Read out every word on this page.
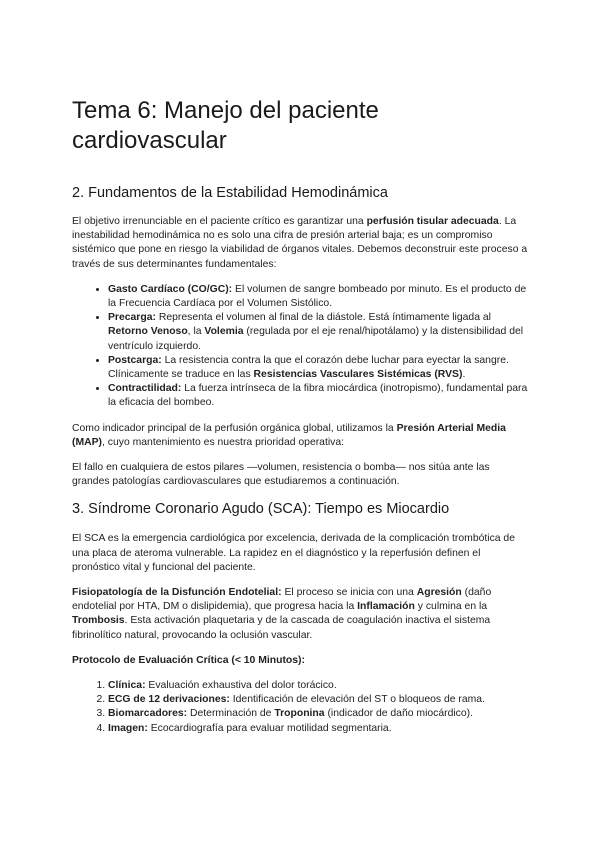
Tema 6: Manejo del paciente cardiovascular
2. Fundamentos de la Estabilidad Hemodinámica

El objetivo irrenunciable en el paciente crítico es garantizar una perfusión tisular adecuada. La inestabilidad hemodinámica no es solo una cifra de presión arterial baja; es un compromiso sistémico que pone en riesgo la viabilidad de órganos vitales. Debemos deconstruir este proceso a través de sus determinantes fundamentales:

• Gasto Cardíaco (CO/GC): El volumen de sangre bombeado por minuto. Es el producto de la Frecuencia Cardíaca por el Volumen Sistólico.
• Precarga: Representa el volumen al final de la diástole. Está íntimamente ligada al Retorno Venoso, la Volemia (regulada por el eje renal/hipotálamo) y la distensibilidad del ventrículo izquierdo.
• Postcarga: La resistencia contra la que el corazón debe luchar para eyectar la sangre. Clínicamente se traduce en las Resistencias Vasculares Sistémicas (RVS).
• Contractilidad: La fuerza intrínseca de la fibra miocárdica (inotropismo), fundamental para la eficacia del bombeo.

Como indicador principal de la perfusión orgánica global, utilizamos la Presión Arterial Media (MAP), cuyo mantenimiento es nuestra prioridad operativa:

El fallo en cualquiera de estos pilares —volumen, resistencia o bomba— nos sitúa ante las grandes patologías cardiovasculares que estudiaremos a continuación.

3. Síndrome Coronario Agudo (SCA): Tiempo es Miocardio

El SCA es la emergencia cardiológica por excelencia, derivada de la complicación trombótica de una placa de ateroma vulnerable. La rapidez en el diagnóstico y la reperfusión definen el pronóstico vital y funcional del paciente.

Fisiopatología de la Disfunción Endotelial: El proceso se inicia con una Agresión (daño endotelial por HTA, DM o dislipidemia), que progresa hacia la Inflamación y culmina en la Trombosis. Esta activación plaquetaria y de la cascada de coagulación inactiva el sistema fibrinolítico natural, provocando la oclusión vascular.

Protocolo de Evaluación Crítica (< 10 Minutos):

1. Clínica: Evaluación exhaustiva del dolor torácico.
2. ECG de 12 derivaciones: Identificación de elevación del ST o bloqueos de rama.
3. Biomarcadores: Determinación de Troponina (indicador de daño miocárdico).
4. Imagen: Ecocardiografía para evaluar motilidad segmentaria.
